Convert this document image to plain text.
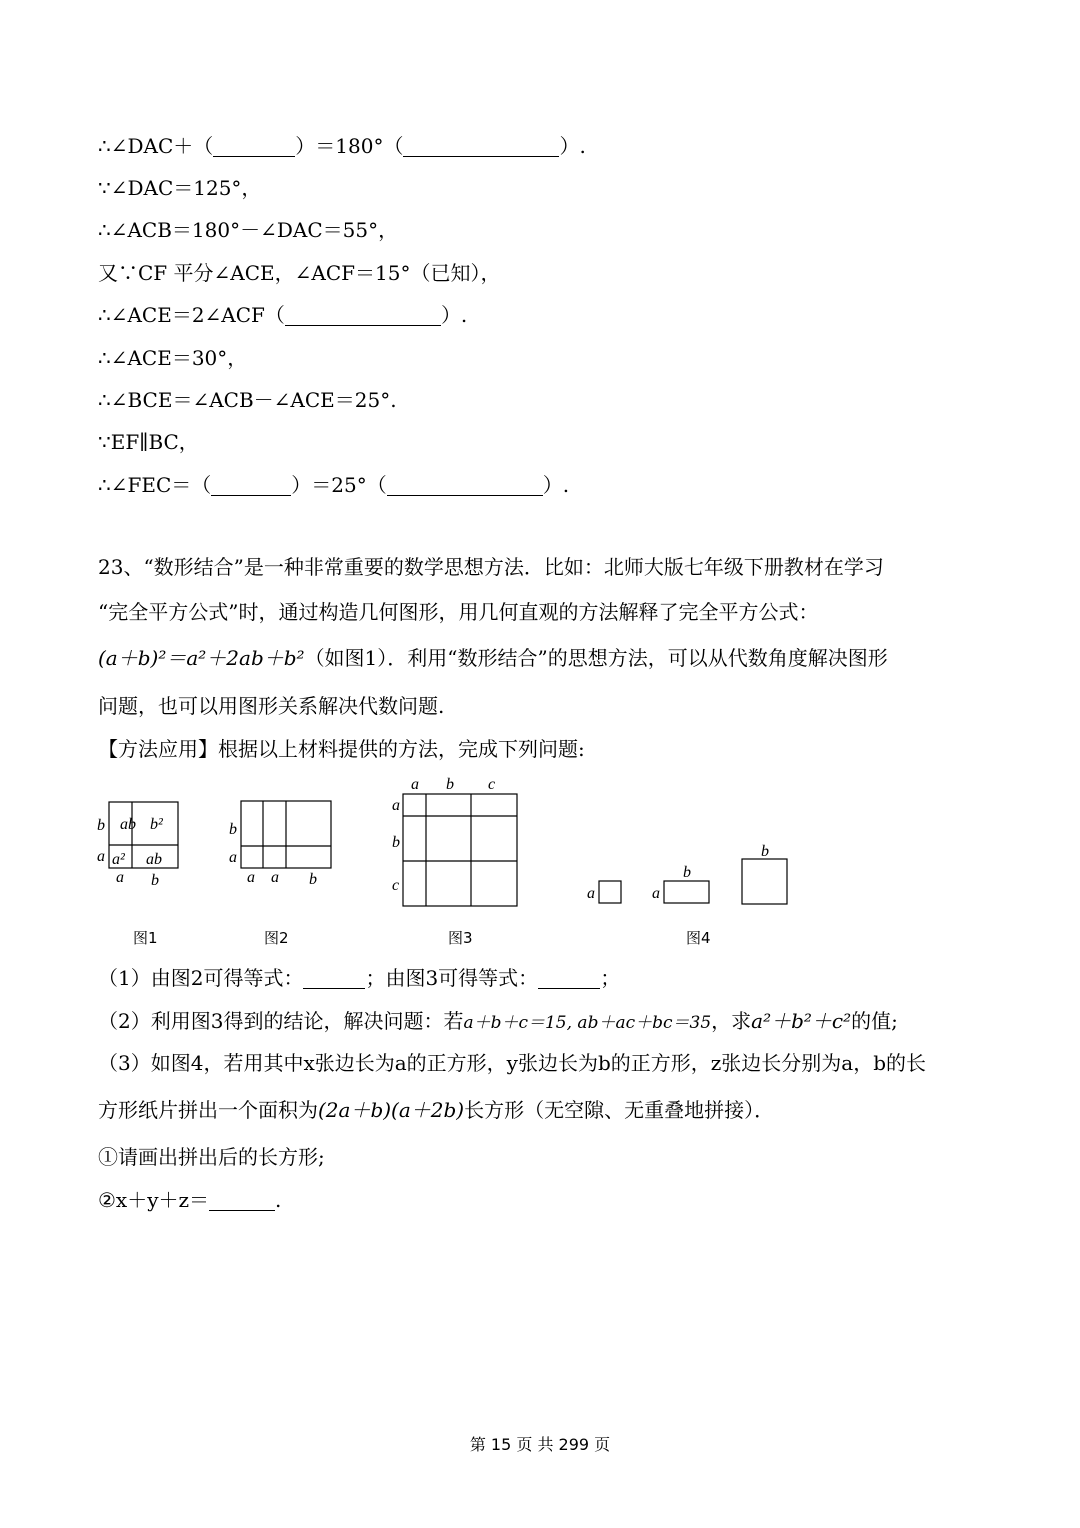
∴∠DAC＋（	）＝180°（	）.
∵∠DAC＝125°，
∴∠ACB＝180°－∠DAC＝55°，
又∵CF 平分∠ACE，∠ACF＝15°（已知），
∴∠ACE＝2∠ACF（	）.
∴∠ACE＝30°，
∴∠BCE＝∠ACB－∠ACE＝25°.
∵EF∥BC，
∴∠FEC＝（	）＝25°（	）.
23、“数形结合”是一种非常重要的数学思想方法．比如：北师大版七年级下册教材在学习
“完全平方公式”时，通过构造几何图形，用几何直观的方法解释了完全平方公式：
(a＋b)²＝a²＋2ab＋b²（如图1）．利用“数形结合”的思想方法，可以从代数角度解决图形
问题，也可以用图形关系解决代数问题.
【方法应用】根据以上材料提供的方法，完成下列问题:
ab b²
a² ab
b
a
a b
图1
b
a
a a b
图2
a b c
a
b
c
图3
a	a
b
b
图4
（1）由图2可得等式：	；由图3可得等式：	；
（2）利用图3得到的结论，解决问题：若a＋b＋c＝15, ab＋ac＋bc＝35，求a²＋b²＋c²的值;
（3）如图4，若用其中x张边长为a的正方形，y张边长为b的正方形，z张边长分别为a，b的长
方形纸片拼出一个面积为(2a＋b)(a＋2b)长方形（无空隙、无重叠地拼接）．
①请画出拼出后的长方形;
②x＋y＋z＝	.
第 15 页 共 299 页
